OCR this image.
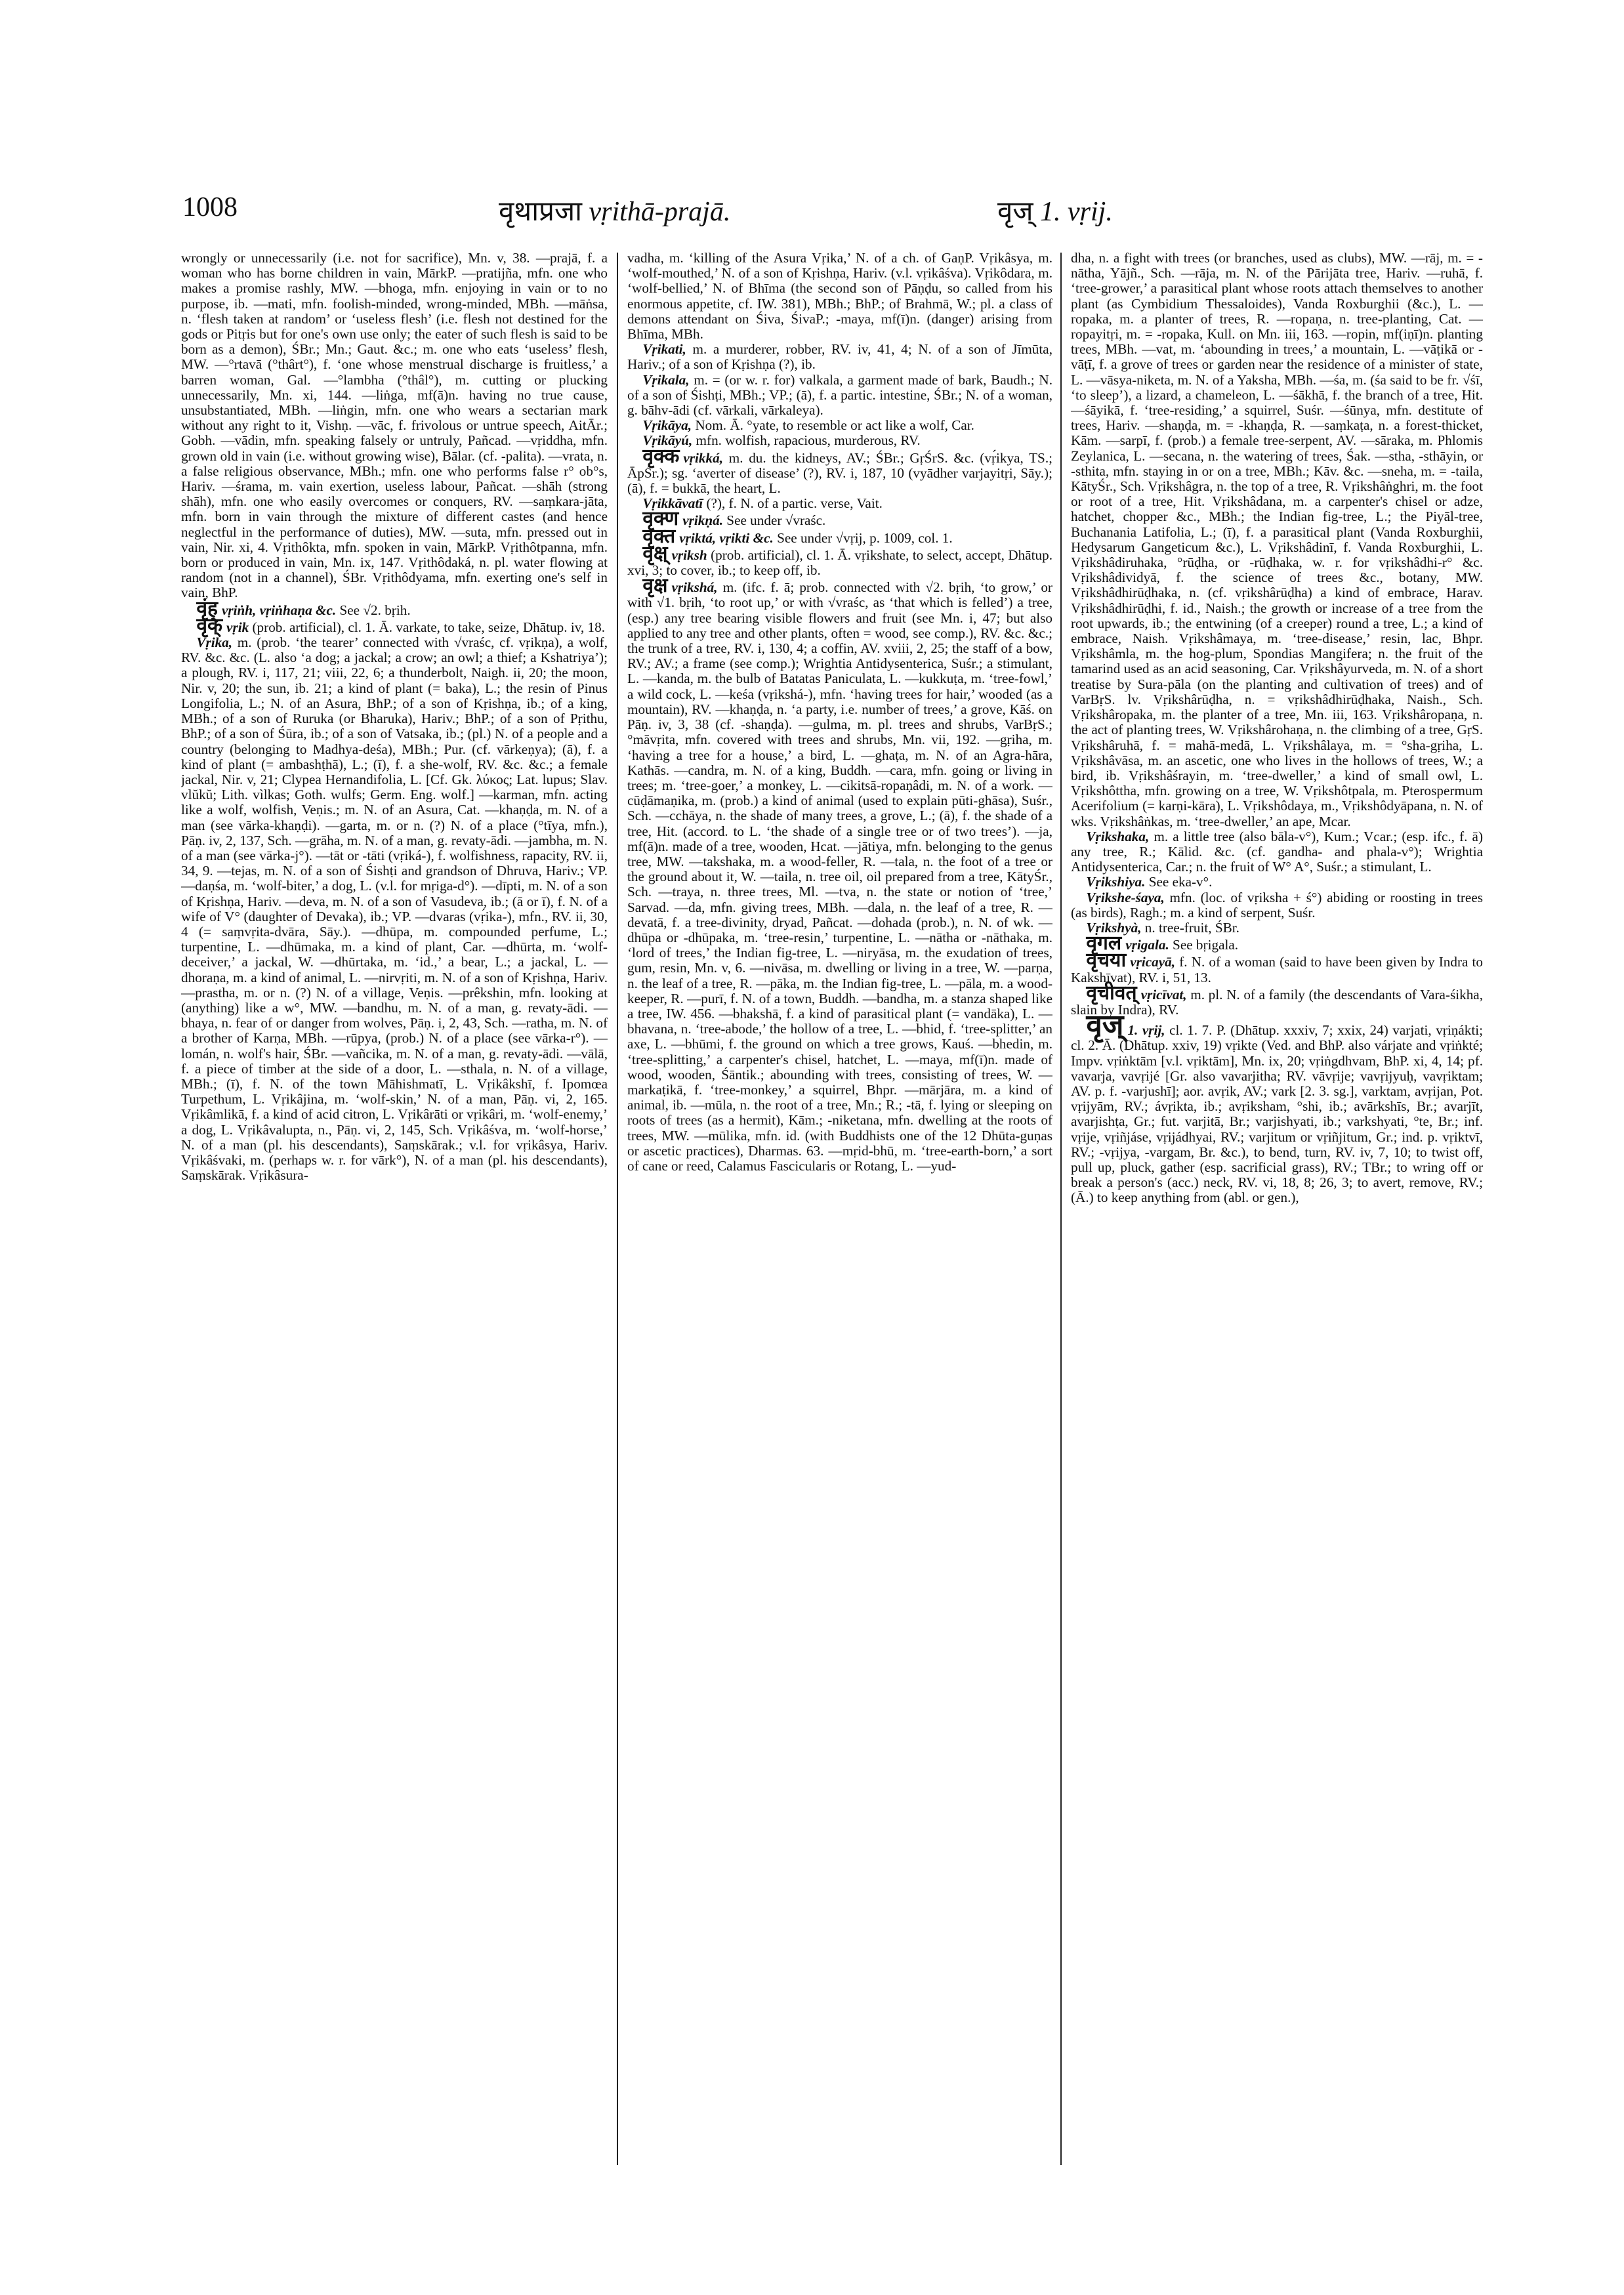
1008	वृथाप्रजा vṛithā-prajā.	वृज् 1. vṛij.

wrongly or unnecessarily (i.e. not for sacrifice), Mn. v, 38. —prajā, f. a woman who has borne children in vain, MārkP. —pratijña, mfn. one who makes a promise rashly, MW. —bhoga, mfn. enjoying in vain or to no purpose, ib. —mati, mfn. foolish-minded, wrong-minded, MBh. —māṅsa, n. ‘flesh taken at random’ or ‘useless flesh’ (i.e. flesh not destined for the gods or Pitṛis but for one's own use only; the eater of such flesh is said to be born as a demon), ŚBr.; Mn.; Gaut. &c.; m. one who eats ‘useless’ flesh, MW. —°rtavā (°thârt°), f. ‘one whose menstrual discharge is fruitless,’ a barren woman, Gal. —°lambha (°thâl°), m. cutting or plucking unnecessarily, Mn. xi, 144. —liṅga, mf(ā)n. having no true cause, unsubstantiated, MBh. —liṅgin, mfn. one who wears a sectarian mark without any right to it, Vishṇ. —vāc, f. frivolous or untrue speech, AitĀr.; Gobh. —vādin, mfn. speaking falsely or untruly, Pañcad. —vṛiddha, mfn. grown old in vain (i.e. without growing wise), Bālar. (cf. -palita). —vrata, n. a false religious observance, MBh.; mfn. one who performs false r° ob°s, Hariv. —śrama, m. vain exertion, useless labour, Pañcat. —shāh (strong shāh), mfn. one who easily overcomes or conquers, RV. —saṃkara-jāta, mfn. born in vain through the mixture of different castes (and hence neglectful in the performance of duties), MW. —suta, mfn. pressed out in vain, Nir. xi, 4. Vṛithôkta, mfn. spoken in vain, MārkP. Vṛithôtpanna, mfn. born or produced in vain, Mn. ix, 147. Vṛithôdaká, n. pl. water flowing at random (not in a channel), ŚBr. Vṛithôdyama, mfn. exerting one's self in vain, BhP.

वृंह् vṛiṅh, vṛiṅhaṇa &c. See √2. bṛih.

वृक् vṛik (prob. artificial), cl. 1. Ā. varkate, to take, seize, Dhātup. iv, 18.

Vṛika, m. (prob. ‘the tearer’ connected with √vraśc, cf. vṛikṇa), a wolf, RV. &c. &c. (L. also ‘a dog; a jackal; a crow; an owl; a thief; a Kshatriya’); a plough, RV. i, 117, 21; viii, 22, 6; a thunderbolt, Naigh. ii, 20; the moon, Nir. v, 20; the sun, ib. 21; a kind of plant (= baka), L.; the resin of Pinus Longifolia, L.; N. of an Asura, BhP.; of a son of Kṛishṇa, ib.; of a king, MBh.; of a son of Ruruka (or Bharuka), Hariv.; BhP.; of a son of Pṛithu, BhP.; of a son of Śūra, ib.; of a son of Vatsaka, ib.; (pl.) N. of a people and a country (belonging to Madhya-deśa), MBh.; Pur. (cf. vārkeṇya); (ā), f. a kind of plant (= ambashṭhā), L.; (ī), f. a she-wolf, RV. &c. &c.; a female jackal, Nir. v, 21; Clypea Hernandifolia, L. [Cf. Gk. λύκος; Lat. lupus; Slav. vlŭkŭ; Lith. vìlkas; Goth. wulfs; Germ. Eng. wolf.] —karman, mfn. acting like a wolf, wolfish, Veṇis.; m. N. of an Asura, Cat. —khaṇḍa, m. N. of a man (see vārka-khaṇḍi). —garta, m. or n. (?) N. of a place (°tīya, mfn.), Pāṇ. iv, 2, 137, Sch. —grāha, m. N. of a man, g. revaty-ādi. —jambha, m. N. of a man (see vārka-j°). —tāt or -tāti (vṛiká-), f. wolfishness, rapacity, RV. ii, 34, 9. —tejas, m. N. of a son of Śishṭi and grandson of Dhruva, Hariv.; VP. —daṇśa, m. ‘wolf-biter,’ a dog, L. (v.l. for mṛiga-d°). —dīpti, m. N. of a son of Kṛishṇa, Hariv. —deva, m. N. of a son of Vasudeva, ib.; (ā or ī), f. N. of a wife of V° (daughter of Devaka), ib.; VP. —dvaras (vṛ́ika-), mfn., RV. ii, 30, 4 (= saṃvṛita-dvāra, Sāy.). —dhūpa, m. compounded perfume, L.; turpentine, L. —dhūmaka, m. a kind of plant, Car. —dhūrta, m. ‘wolf-deceiver,’ a jackal, W. —dhūrtaka, m. ‘id.,’ a bear, L.; a jackal, L. —dhoraṇa, m. a kind of animal, L. —nirvṛiti, m. N. of a son of Kṛishṇa, Hariv. —prastha, m. or n. (?) N. of a village, Veṇis. —prêkshin, mfn. looking at (anything) like a w°, MW. —bandhu, m. N. of a man, g. revaty-ādi. —bhaya, n. fear of or danger from wolves, Pāṇ. i, 2, 43, Sch. —ratha, m. N. of a brother of Karṇa, MBh. —rūpya, (prob.) N. of a place (see vārka-r°). —lomán, n. wolf's hair, ŚBr. —vañcika, m. N. of a man, g. revaty-ādi. —vālā, f. a piece of timber at the side of a door, L. —sthala, n. N. of a village, MBh.; (ī), f. N. of the town Māhishmatī, L. Vṛikâkshī, f. Ipomœa Turpethum, L. Vṛikâjina, m. ‘wolf-skin,’ N. of a man, Pāṇ. vi, 2, 165. Vṛikâmlikā, f. a kind of acid citron, L. Vṛikârāti or vṛikâri, m. ‘wolf-enemy,’ a dog, L. Vṛikâvalupta, n., Pāṇ. vi, 2, 145, Sch. Vṛikâśva, m. ‘wolf-horse,’ N. of a man (pl. his descendants), Saṃskārak.; v.l. for vṛikâsya, Hariv. Vṛikâśvaki, m. (perhaps w. r. for vārk°), N. of a man (pl. his descendants), Saṃskārak. Vṛikâsura-

vadha, m. ‘killing of the Asura Vṛika,’ N. of a ch. of GaṇP. Vṛikâsya, m. ‘wolf-mouthed,’ N. of a son of Kṛishṇa, Hariv. (v.l. vṛikâśva). Vṛikôdara, m. ‘wolf-bellied,’ N. of Bhīma (the second son of Pāṇḍu, so called from his enormous appetite, cf. IW. 381), MBh.; BhP.; of Brahmā, W.; pl. a class of demons attendant on Śiva, ŚivaP.; -maya, mf(ī)n. (danger) arising from Bhīma, MBh.

Vṛikati, m. a murderer, robber, RV. iv, 41, 4; N. of a son of Jīmūta, Hariv.; of a son of Kṛishṇa (?), ib.

Vṛikala, m. = (or w. r. for) valkala, a garment made of bark, Baudh.; N. of a son of Śishṭi, MBh.; VP.; (ā), f. a partic. intestine, ŚBr.; N. of a woman, g. bāhv-ādi (cf. vārkali, vārkaleya).

Vṛikāya, Nom. Ā. °yate, to resemble or act like a wolf, Car.

Vṛikāyú, mfn. wolfish, rapacious, murderous, RV.

वृक्क vṛikká, m. du. the kidneys, AV.; ŚBr.; GṛŚrS. &c. (vṛ́ikya, TS.; ĀpŚr.); sg. ‘averter of disease’ (?), RV. i, 187, 10 (vyādher varjayitṛi, Sāy.); (ā), f. = bukkā, the heart, L.

Vṛikkāvatī (?), f. N. of a partic. verse, Vait.

वृक्ण vṛikṇá. See under √vraśc.

वृक्त vṛiktá, vṛikti &c. See under √vṛij, p. 1009, col. 1.

वृक्ष् vṛiksh (prob. artificial), cl. 1. Ā. vṛikshate, to select, accept, Dhātup. xvi, 3; to cover, ib.; to keep off, ib.

वृक्ष vṛikshá, m. (ifc. f. ā; prob. connected with √2. bṛih, ‘to grow,’ or with √1. bṛih, ‘to root up,’ or with √vraśc, as ‘that which is felled’) a tree, (esp.) any tree bearing visible flowers and fruit (see Mn. i, 47; but also applied to any tree and other plants, often = wood, see comp.), RV. &c. &c.; the trunk of a tree, RV. i, 130, 4; a coffin, AV. xviii, 2, 25; the staff of a bow, RV.; AV.; a frame (see comp.); Wrightia Antidysenterica, Suśr.; a stimulant, L. —kanda, m. the bulb of Batatas Paniculata, L. —kukkuṭa, m. ‘tree-fowl,’ a wild cock, L. —keśa (vṛikshá-), mfn. ‘having trees for hair,’ wooded (as a mountain), RV. —khaṇḍa, n. ‘a party, i.e. number of trees,’ a grove, Kāś. on Pāṇ. iv, 3, 38 (cf. -shaṇḍa). —gulma, m. pl. trees and shrubs, VarBṛS.; °māvṛita, mfn. covered with trees and shrubs, Mn. vii, 192. —gṛiha, m. ‘having a tree for a house,’ a bird, L. —ghaṭa, m. N. of an Agra-hāra, Kathās. —candra, m. N. of a king, Buddh. —cara, mfn. going or living in trees; m. ‘tree-goer,’ a monkey, L. —cikitsā-ropaṇâdi, m. N. of a work. —cūḍāmaṇika, m. (prob.) a kind of animal (used to explain pūti-ghāsa), Suśr., Sch. —cchāya, n. the shade of many trees, a grove, L.; (ā), f. the shade of a tree, Hit. (accord. to L. ‘the shade of a single tree or of two trees’). —ja, mf(ā)n. made of a tree, wooden, Hcat. —jātiya, mfn. belonging to the genus tree, MW. —takshaka, m. a wood-feller, R. —tala, n. the foot of a tree or the ground about it, W. —taila, n. tree oil, oil prepared from a tree, KātyŚr., Sch. —traya, n. three trees, Ml. —tva, n. the state or notion of ‘tree,’ Sarvad. —da, mfn. giving trees, MBh. —dala, n. the leaf of a tree, R. —devatā, f. a tree-divinity, dryad, Pañcat. —dohada (prob.), n. N. of wk. —dhūpa or -dhūpaka, m. ‘tree-resin,’ turpentine, L. —nātha or -nāthaka, m. ‘lord of trees,’ the Indian fig-tree, L. —niryāsa, m. the exudation of trees, gum, resin, Mn. v, 6. —nivāsa, m. dwelling or living in a tree, W. —parṇa, n. the leaf of a tree, R. —pāka, m. the Indian fig-tree, L. —pāla, m. a wood-keeper, R. —purī, f. N. of a town, Buddh. —bandha, m. a stanza shaped like a tree, IW. 456. —bhakshā, f. a kind of parasitical plant (= vandāka), L. —bhavana, n. ‘tree-abode,’ the hollow of a tree, L. —bhid, f. ‘tree-splitter,’ an axe, L. —bhūmi, f. the ground on which a tree grows, Kauś. —bhedin, m. ‘tree-splitting,’ a carpenter's chisel, hatchet, L. —maya, mf(ī)n. made of wood, wooden, Śāntik.; abounding with trees, consisting of trees, W. —markaṭikā, f. ‘tree-monkey,’ a squirrel, Bhpr. —mārjāra, m. a kind of animal, ib. —mūla, n. the root of a tree, Mn.; R.; -tā, f. lying or sleeping on roots of trees (as a hermit), Kām.; -niketana, mfn. dwelling at the roots of trees, MW. —mūlika, mfn. id. (with Buddhists one of the 12 Dhūta-guṇas or ascetic practices), Dharmas. 63. —mṛid-bhū, m. ‘tree-earth-born,’ a sort of cane or reed, Calamus Fascicularis or Rotang, L. —yud-

dha, n. a fight with trees (or branches, used as clubs), MW. —rāj, m. = -nātha, Yājñ., Sch. —rāja, m. N. of the Pārijāta tree, Hariv. —ruhā, f. ‘tree-grower,’ a parasitical plant whose roots attach themselves to another plant (as Cymbidium Thessaloides), Vanda Roxburghii (&c.), L. —ropaka, m. a planter of trees, R. —ropaṇa, n. tree-planting, Cat. —ropayitṛi, m. = -ropaka, Kull. on Mn. iii, 163. —ropin, mf(iṇī)n. planting trees, MBh. —vat, m. ‘abounding in trees,’ a mountain, L. —vāṭikā or -vāṭī, f. a grove of trees or garden near the residence of a minister of state, L. —vāsya-niketa, m. N. of a Yaksha, MBh. —śa, m. (śa said to be fr. √śī, ‘to sleep’), a lizard, a chameleon, L. —śākhā, f. the branch of a tree, Hit. —śāyikā, f. ‘tree-residing,’ a squirrel, Suśr. —śūnya, mfn. destitute of trees, Hariv. —shaṇḍa, m. = -khaṇḍa, R. —saṃkaṭa, n. a forest-thicket, Kām. —sarpī, f. (prob.) a female tree-serpent, AV. —sāraka, m. Phlomis Zeylanica, L. —secana, n. the watering of trees, Śak. —stha, -sthāyin, or -sthita, mfn. staying in or on a tree, MBh.; Kāv. &c. —sneha, m. = -taila, KātyŚr., Sch. Vṛikshâgra, n. the top of a tree, R. Vṛikshâṅghri, m. the foot or root of a tree, Hit. Vṛikshâdana, m. a carpenter's chisel or adze, hatchet, chopper &c., MBh.; the Indian fig-tree, L.; the Piyāl-tree, Buchanania Latifolia, L.; (ī), f. a parasitical plant (Vanda Roxburghii, Hedysarum Gangeticum &c.), L. Vṛikshâdinī, f. Vanda Roxburghii, L. Vṛikshâdiruhaka, °rūḍha, or -rūḍhaka, w. r. for vṛikshâdhi-r° &c. Vṛikshâdividyā, f. the science of trees &c., botany, MW. Vṛikshâdhirūḍhaka, n. (cf. vṛikshârūḍha) a kind of embrace, Harav. Vṛikshâdhirūḍhi, f. id., Naish.; the growth or increase of a tree from the root upwards, ib.; the entwining (of a creeper) round a tree, L.; a kind of embrace, Naish. Vṛikshâmaya, m. ‘tree-disease,’ resin, lac, Bhpr. Vṛikshâmla, m. the hog-plum, Spondias Mangifera; n. the fruit of the tamarind used as an acid seasoning, Car. Vṛikshâyurveda, m. N. of a short treatise by Sura-pāla (on the planting and cultivation of trees) and of VarBṛS. lv. Vṛikshârūḍha, n. = vṛikshâdhirūḍhaka, Naish., Sch. Vṛikshâropaka, m. the planter of a tree, Mn. iii, 163. Vṛikshâropaṇa, n. the act of planting trees, W. Vṛikshârohaṇa, n. the climbing of a tree, GṛS. Vṛikshâruhā, f. = mahā-medā, L. Vṛikshâlaya, m. = °sha-gṛiha, L. Vṛikshâvāsa, m. an ascetic, one who lives in the hollows of trees, W.; a bird, ib. Vṛikshâśrayin, m. ‘tree-dweller,’ a kind of small owl, L. Vṛikshôttha, mfn. growing on a tree, W. Vṛikshôtpala, m. Pterospermum Acerifolium (= karṇi-kāra), L. Vṛikshôdaya, m., Vṛikshôdyāpana, n. N. of wks. Vṛikshâṅkas, m. ‘tree-dweller,’ an ape, Mcar.

Vṛikshaka, m. a little tree (also bāla-v°), Kum.; Vcar.; (esp. ifc., f. ā) any tree, R.; Kālid. &c. (cf. gandha- and phala-v°); Wrightia Antidysenterica, Car.; n. the fruit of W° A°, Suśr.; a stimulant, L.

Vṛikshiya. See eka-v°.

Vṛikshe-śaya, mfn. (loc. of vṛiksha + ś°) abiding or roosting in trees (as birds), Ragh.; m. a kind of serpent, Suśr.

Vṛikshyà, n. tree-fruit, ŚBr.

वृगल vṛigala. See bṛigala.

वृचया vṛicayā, f. N. of a woman (said to have been given by Indra to Kakshīvat), RV. i, 51, 13.

वृचीवत् vṛicīvat, m. pl. N. of a family (the descendants of Vara-śikha, slain by Indra), RV.

वृज् 1. vṛij, cl. 1. 7. P. (Dhātup. xxxiv, 7; xxix, 24) varjati, vṛiṇákti; cl. 2. Ā. (Dhātup. xxiv, 19) vṛikte (Ved. and BhP. also várjate and vṛiṅkté; Impv. vṛiṅktām [v.l. vṛiktām], Mn. ix, 20; vṛiṅgdhvam, BhP. xi, 4, 14; pf. vavarja, vavṛijé [Gr. also vavarjitha; RV. vāvṛije; vavṛijyuḥ, vavṛiktam; AV. p. f. -varjushī]; aor. avṛik, AV.; vark [2. 3. sg.], varktam, avṛijan, Pot. vṛijyām, RV.; ávṛikta, ib.; avṛiksham, °shi, ib.; avārkshīs, Br.; avarjīt, avarjishṭa, Gr.; fut. varjitā, Br.; varjishyati, ib.; varkshyati, °te, Br.; inf. vṛije, vṛiñjáse, vṛijádhyai, RV.; varjitum or vṛiñjitum, Gr.; ind. p. vṛiktvī, RV.; -vṛijya, -vargam, Br. &c.), to bend, turn, RV. iv, 7, 10; to twist off, pull up, pluck, gather (esp. sacrificial grass), RV.; TBr.; to wring off or break a person's (acc.) neck, RV. vi, 18, 8; 26, 3; to avert, remove, RV.; (Ā.) to keep anything from (abl. or gen.),
